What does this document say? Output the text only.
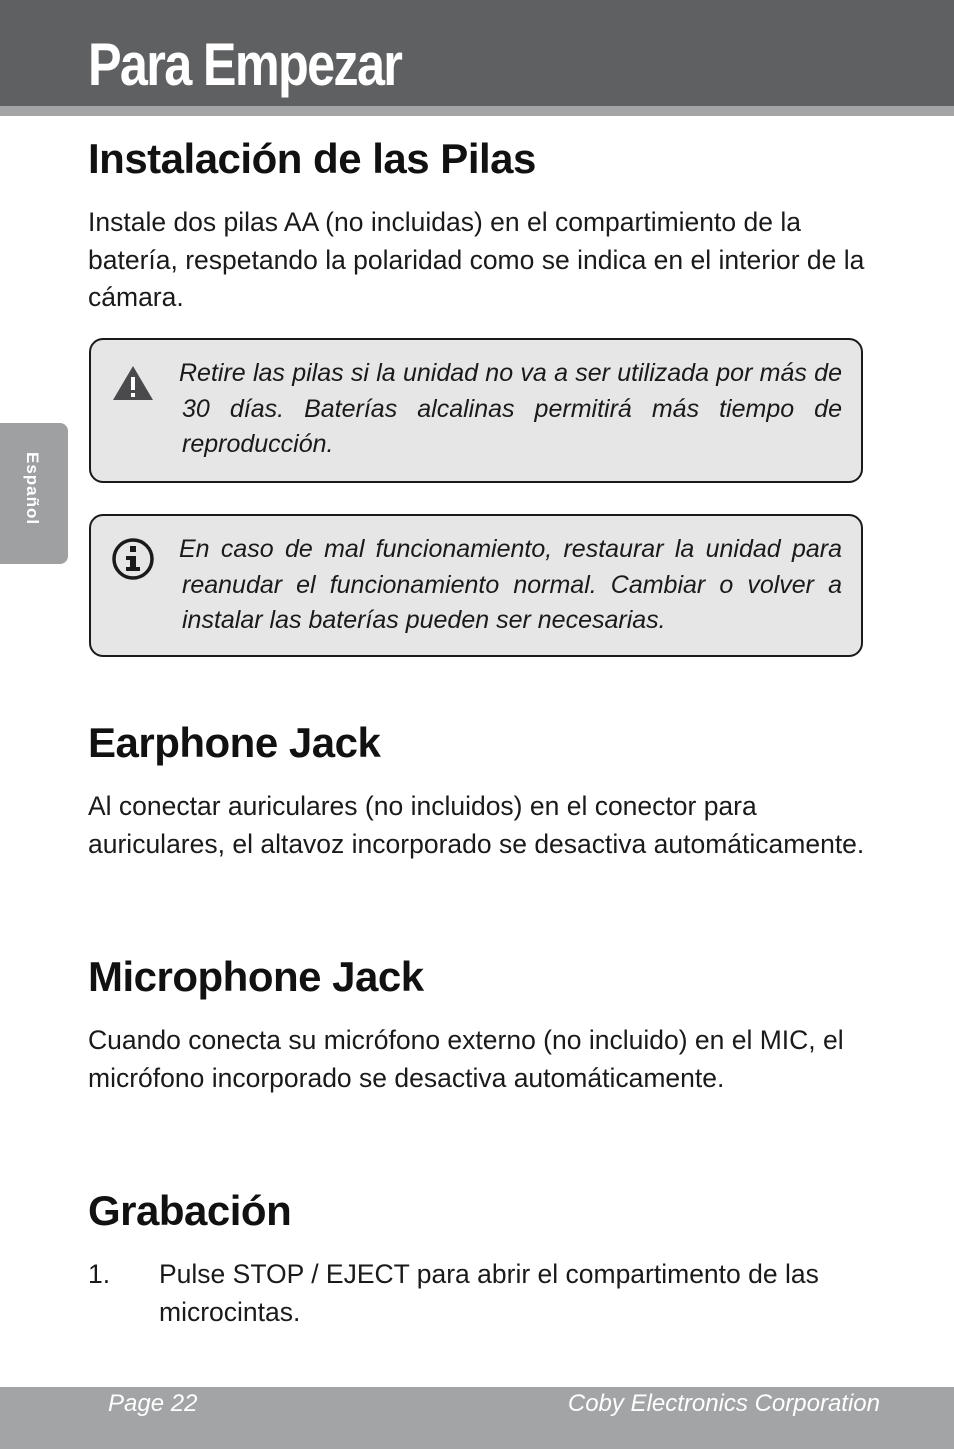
Para Empezar
Español
Instalación de las Pilas

Instale dos pilas AA (no incluidas) en el compartimiento de la batería, respetando la polaridad como se indica en el interior de la cámara.

Retire las pilas si la unidad no va a ser utilizada por más de 30 días. Baterías alcalinas permitirá más tiempo de reproducción.

En caso de mal funcionamiento, restaurar la unidad para reanudar el funcionamiento normal. Cambiar o volver a instalar las baterías pueden ser necesarias.

Earphone Jack

Al conectar auriculares (no incluidos) en el conector para auriculares, el altavoz incorporado se desactiva automáticamente.

Microphone Jack

Cuando conecta su micrófono externo (no incluido) en el MIC, el micrófono incorporado se desactiva automáticamente.

Grabación

1. Pulse STOP / EJECT para abrir el compartimento de las microcintas.

Page 22	Coby Electronics Corporation
